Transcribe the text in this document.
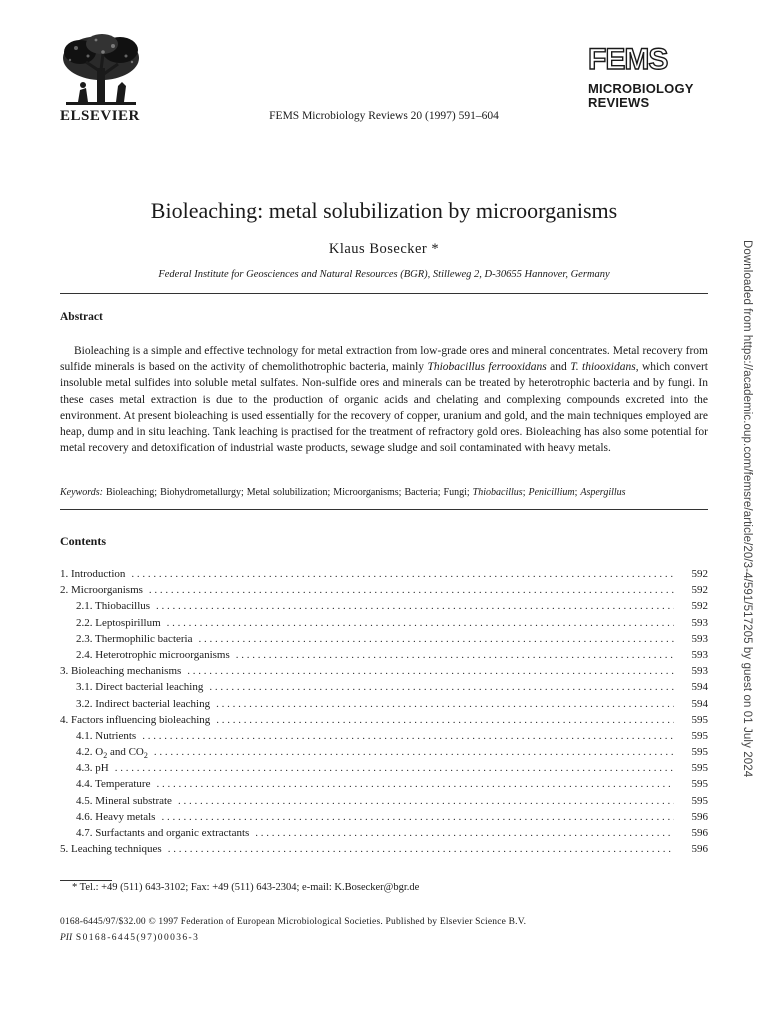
ELSEVIER	FEMS Microbiology Reviews 20 (1997) 591–604
FEMS
MICROBIOLOGY
REVIEWS
Bioleaching: metal solubilization by microorganisms
Klaus Bosecker *
Federal Institute for Geosciences and Natural Resources (BGR), Stilleweg 2, D-30655 Hannover, Germany
Abstract
Bioleaching is a simple and effective technology for metal extraction from low-grade ores and mineral concentrates. Metal recovery from sulfide minerals is based on the activity of chemolithotrophic bacteria, mainly Thiobacillus ferrooxidans and T. thiooxidans, which convert insoluble metal sulfides into soluble metal sulfates. Non-sulfide ores and minerals can be treated by heterotrophic bacteria and by fungi. In these cases metal extraction is due to the production of organic acids and chelating and complexing compounds excreted into the environment. At present bioleaching is used essentially for the recovery of copper, uranium and gold, and the main techniques employed are heap, dump and in situ leaching. Tank leaching is practised for the treatment of refractory gold ores. Bioleaching has also some potential for metal recovery and detoxification of industrial waste products, sewage sludge and soil contaminated with heavy metals.
Keywords: Bioleaching; Biohydrometallurgy; Metal solubilization; Microorganisms; Bacteria; Fungi; Thiobacillus; Penicillium; Aspergillus
Contents
1. Introduction . . .	592
2. Microorganisms . . .	592
2.1. Thiobacillus . . .	592
2.2. Leptospirillum . . .	593
2.3. Thermophilic bacteria . . .	593
2.4. Heterotrophic microorganisms . . .	593
3. Bioleaching mechanisms . . .	593
3.1. Direct bacterial leaching . . .	594
3.2. Indirect bacterial leaching . . .	594
4. Factors influencing bioleaching . . .	595
4.1. Nutrients . . .	595
4.2. $O_2$ and $CO_2$ . . .	595
4.3. pH . . .	595
4.4. Temperature . . .	595
4.5. Mineral substrate . . .	595
4.6. Heavy metals . . .	596
4.7. Surfactants and organic extractants . . .	596
5. Leaching techniques . . .	596
* Tel.: +49 (511) 643-3102; Fax: +49 (511) 643-2304; e-mail: K.Bosecker@bgr.de
0168-6445/97/$32.00 © 1997 Federation of European Microbiological Societies. Published by Elsevier Science B.V.
PII S0168-6445(97)00036-3
Downloaded from https://academic.oup.com/femsre/article/20/3-4/591/517205 by guest on 01 July 2024
